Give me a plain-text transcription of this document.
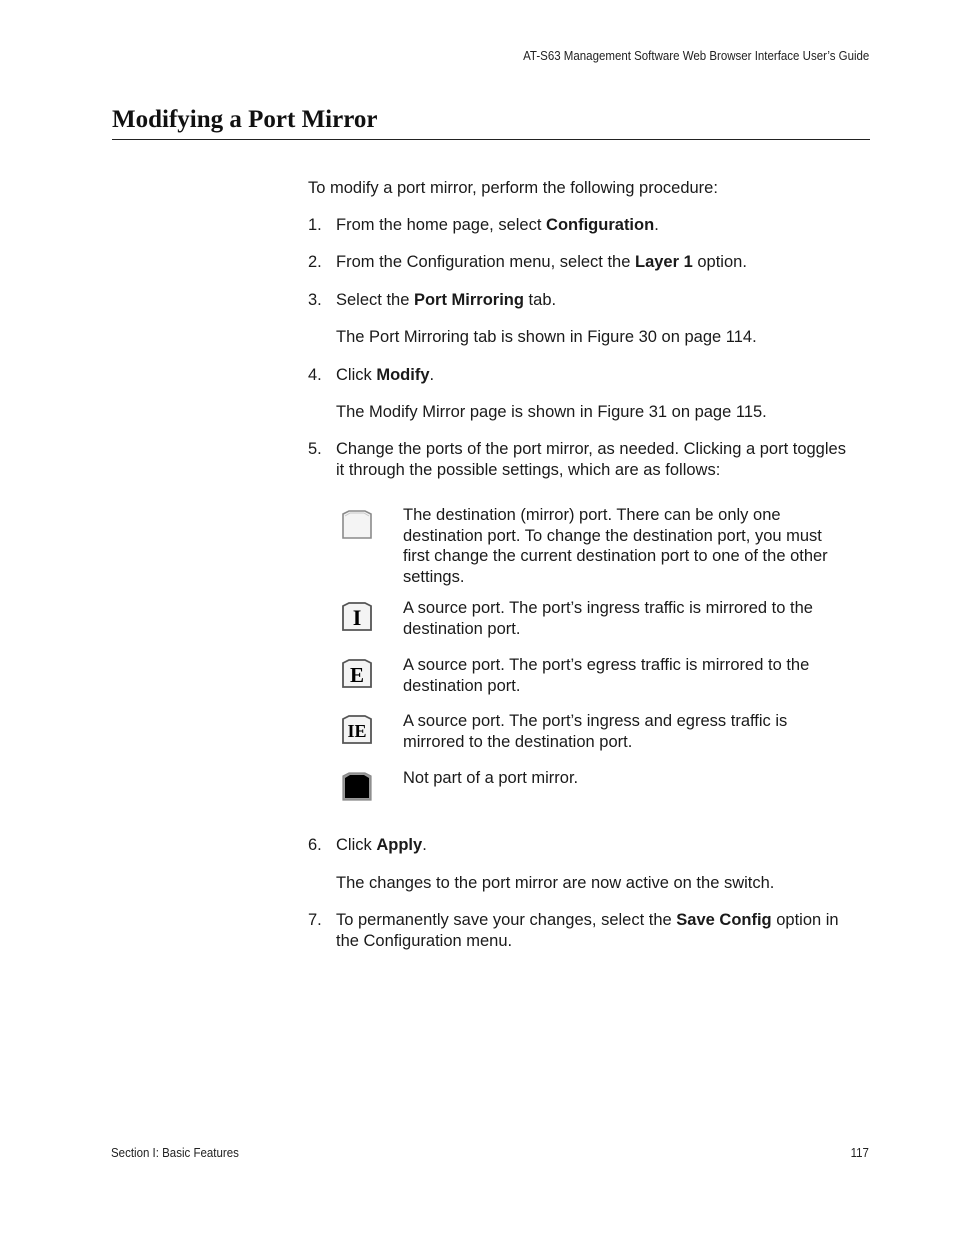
AT-S63 Management Software Web Browser Interface User’s Guide
Modifying a Port Mirror
To modify a port mirror, perform the following procedure:
1. From the home page, select Configuration.
2. From the Configuration menu, select the Layer 1 option.
3. Select the Port Mirroring tab.
The Port Mirroring tab is shown in Figure 30 on page 114.
4. Click Modify.
The Modify Mirror page is shown in Figure 31 on page 115.
5. Change the ports of the port mirror, as needed. Clicking a port toggles
it through the possible settings, which are as follows:
The destination (mirror) port. There can be only one
destination port. To change the destination port, you must
first change the current destination port to one of the other
settings.
I	A source port. The port’s ingress traffic is mirrored to the
destination port.
E A source port. The port’s egress traffic is mirrored to the
destination port.
IE A source port. The port’s ingress and egress traffic is
mirrored to the destination port.
Not part of a port mirror.
6. Click Apply.
The changes to the port mirror are now active on the switch.
7. To permanently save your changes, select the Save Config option in
the Configuration menu.
Section I: Basic Features	117
